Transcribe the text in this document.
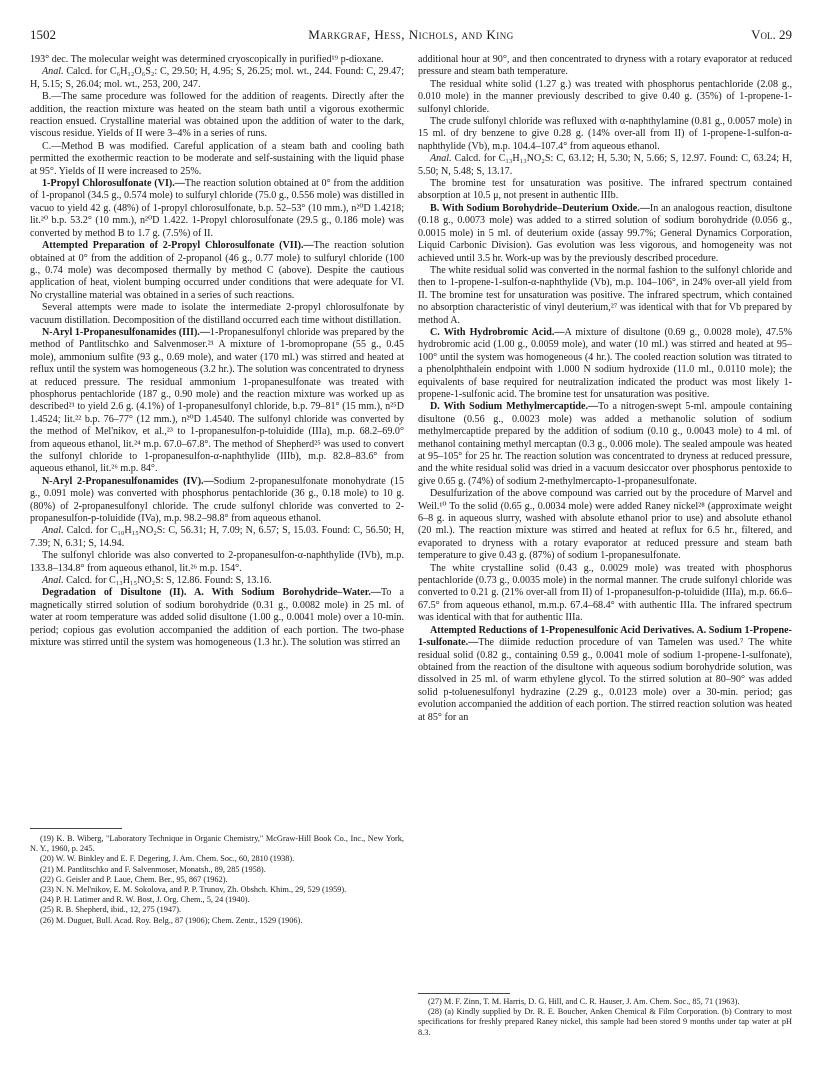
1502	Markgraf, Hess, Nichols, and King	Vol. 29

193° dec. The molecular weight was determined cryoscopically in purified¹⁹ p-dioxane.

Anal. Calcd. for C₆H₁₂O₆S₂: C, 29.50; H, 4.95; S, 26.25; mol. wt., 244. Found: C, 29.47; H, 5.15; S, 26.04; mol. wt., 253, 200, 247.

B.—The same procedure was followed for the addition of reagents. Directly after the addition, the reaction mixture was heated on the steam bath until a vigorous exothermic reaction ensued. Crystalline material was obtained upon the addition of water to the dark, viscous residue. Yields of II were 3–4% in a series of runs.

C.—Method B was modified. Careful application of a steam bath and cooling bath permitted the exothermic reaction to be moderate and self-sustaining with the liquid phase at 95°. Yields of II were increased to 25%.

1-Propyl Chlorosulfonate (VI).—The reaction solution obtained at 0° from the addition of 1-propanol (34.5 g., 0.574 mole) to sulfuryl chloride (75.0 g., 0.556 mole) was distilled in vacuo to yield 42 g. (48%) of 1-propyl chlorosulfonate, b.p. 52–53° (10 mm.), n²⁰D 1.4218; lit.²⁰ b.p. 53.2° (10 mm.), n²⁰D 1.422. 1-Propyl chlorosulfonate (29.5 g., 0.186 mole) was converted by method B to 1.7 g. (7.5%) of II.

Attempted Preparation of 2-Propyl Chlorosulfonate (VII).—The reaction solution obtained at 0° from the addition of 2-propanol (46 g., 0.77 mole) to sulfuryl chloride (100 g., 0.74 mole) was decomposed thermally by method C (above). Despite the cautious application of heat, violent bumping occurred under conditions that were adequate for VI. No crystalline material was obtained in a series of such reactions.

Several attempts were made to isolate the intermediate 2-propyl chlorosulfonate by vacuum distillation. Decomposition of the distilland occurred each time without distillation.

N-Aryl 1-Propanesulfonamides (III).—1-Propanesulfonyl chloride was prepared by the method of Pantlitschko and Salvenmoser.²¹ A mixture of 1-bromopropane (55 g., 0.45 mole), ammonium sulfite (93 g., 0.69 mole), and water (170 ml.) was stirred and heated at reflux until the system was homogeneous (3.2 hr.). The solution was concentrated to dryness at reduced pressure. The residual ammonium 1-propanesulfonate was treated with phosphorus pentachloride (187 g., 0.90 mole) and the reaction mixture was worked up as described²¹ to yield 2.6 g. (4.1%) of 1-propanesulfonyl chloride, b.p. 79–81° (15 mm.), n²⁵D 1.4524; lit.²² b.p. 76–77° (12 mm.), n²⁰D 1.4540. The sulfonyl chloride was converted by the method of Mel'nikov, et al.,²³ to 1-propanesulfon-p-toluidide (IIIa), m.p. 68.2–69.0° from aqueous ethanol, lit.²⁴ m.p. 67.0–67.8°. The method of Shepherd²⁵ was used to convert the sulfonyl chloride to 1-propanesulfon-α-naphthylide (IIIb), m.p. 82.8–83.6° from aqueous ethanol, lit.²⁶ m.p. 84°.

N-Aryl 2-Propanesulfonamides (IV).—Sodium 2-propanesulfonate monohydrate (15 g., 0.091 mole) was converted with phosphorus pentachloride (36 g., 0.18 mole) to 10 g. (80%) of 2-propanesulfonyl chloride. The crude sulfonyl chloride was converted to 2-propanesulfon-p-toluidide (IVa), m.p. 98.2–98.8° from aqueous ethanol.

Anal. Calcd. for C₁₀H₁₅NO₂S: C, 56.31; H, 7.09; N, 6.57; S, 15.03. Found: C, 56.50; H, 7.39; N, 6.31; S, 14.94.

The sulfonyl chloride was also converted to 2-propanesulfon-α-naphthylide (IVb), m.p. 133.8–134.8° from aqueous ethanol, lit.²⁶ m.p. 154°.

Anal. Calcd. for C₁₃H₁₅NO₂S: S, 12.86. Found: S, 13.16.

Degradation of Disultone (II). A. With Sodium Borohydride–Water.—To a magnetically stirred solution of sodium borohydride (0.31 g., 0.0082 mole) in 25 ml. of water at room temperature was added solid disultone (1.00 g., 0.0041 mole) over a 10-min. period; copious gas evolution accompanied the addition of each portion. The two-phase mixture was stirred until the system was homogeneous (1.3 hr.). The solution was stirred an

(19) K. B. Wiberg, "Laboratory Technique in Organic Chemistry," McGraw-Hill Book Co., Inc., New York, N. Y., 1960, p. 245.

(20) W. W. Binkley and E. F. Degering, J. Am. Chem. Soc., 60, 2810 (1938).

(21) M. Pantlitschko and F. Salvenmoser, Monatsh., 89, 285 (1958).

(22) G. Geisler and P. Laue, Chem. Ber., 95, 867 (1962).

(23) N. N. Mel'nikov, E. M. Sokolova, and P. P. Trunov, Zh. Obshch. Khim., 29, 529 (1959).

(24) P. H. Latimer and R. W. Bost, J. Org. Chem., 5, 24 (1940).

(25) R. B. Shepherd, ibid., 12, 275 (1947).

(26) M. Duguet, Bull. Acad. Roy. Belg., 87 (1906); Chem. Zentr., 1529 (1906).

additional hour at 90°, and then concentrated to dryness with a rotary evaporator at reduced pressure and steam bath temperature.

The residual white solid (1.27 g.) was treated with phosphorus pentachloride (2.08 g., 0.010 mole) in the manner previously described to give 0.40 g. (35%) of 1-propene-1-sulfonyl chloride.

The crude sulfonyl chloride was refluxed with α-naphthylamine (0.81 g., 0.0057 mole) in 15 ml. of dry benzene to give 0.28 g. (14% over-all from II) of 1-propene-1-sulfon-α-naphthylide (Vb), m.p. 104.4–107.4° from aqueous ethanol.

Anal. Calcd. for C₁₃H₁₃NO₂S: C, 63.12; H, 5.30; N, 5.66; S, 12.97. Found: C, 63.24; H, 5.50; N, 5.48; S, 13.17.

The bromine test for unsaturation was positive. The infrared spectrum contained absorption at 10.5 μ, not present in authentic IIIb.

B. With Sodium Borohydride–Deuterium Oxide.—In an analogous reaction, disultone (0.18 g., 0.0073 mole) was added to a stirred solution of sodium borohydride (0.056 g., 0.0015 mole) in 5 ml. of deuterium oxide (assay 99.7%; General Dynamics Corporation, Liquid Carbonic Division). Gas evolution was less vigorous, and homogeneity was not achieved until 3.5 hr. Work-up was by the previously described procedure.

The white residual solid was converted in the normal fashion to the sulfonyl chloride and then to 1-propene-1-sulfon-α-naphthylide (Vb), m.p. 104–106°, in 24% over-all yield from II. The bromine test for unsaturation was positive. The infrared spectrum, which contained no absorption characteristic of vinyl deuterium,²⁷ was identical with that for Vb prepared by method A.

C. With Hydrobromic Acid.—A mixture of disultone (0.69 g., 0.0028 mole), 47.5% hydrobromic acid (1.00 g., 0.0059 mole), and water (10 ml.) was stirred and heated at 95–100° until the system was homogeneous (4 hr.). The cooled reaction solution was titrated to a phenolphthalein endpoint with 1.000 N sodium hydroxide (11.0 ml., 0.0110 mole); the equivalents of base required for neutralization indicated the product was most likely 1-propene-1-sulfonic acid. The bromine test for unsaturation was positive.

D. With Sodium Methylmercaptide.—To a nitrogen-swept 5-ml. ampoule containing disultone (0.56 g., 0.0023 mole) was added a methanolic solution of sodium methylmercaptide prepared by the addition of sodium (0.10 g., 0.0043 mole) to 4 ml. of methanol containing methyl mercaptan (0.3 g., 0.006 mole). The sealed ampoule was heated at 95–105° for 25 hr. The reaction solution was concentrated to dryness at reduced pressure, and the white residual solid was dried in a vacuum desiccator over phosphorus pentoxide to give 0.65 g. (74%) of sodium 2-methylmercapto-1-propanesulfonate.

Desulfurization of the above compound was carried out by the procedure of Marvel and Weil.¹⁰ To the solid (0.65 g., 0.0034 mole) were added Raney nickel²⁸ (approximate weight 6–8 g. in aqueous slurry, washed with absolute ethanol prior to use) and absolute ethanol (20 ml.). The reaction mixture was stirred and heated at reflux for 6.5 hr., filtered, and evaporated to dryness with a rotary evaporator at reduced pressure and steam bath temperature to give 0.43 g. (87%) of sodium 1-propanesulfonate.

The white crystalline solid (0.43 g., 0.0029 mole) was treated with phosphorus pentachloride (0.73 g., 0.0035 mole) in the normal manner. The crude sulfonyl chloride was converted to 0.21 g. (21% over-all from II) of 1-propanesulfon-p-toluidide (IIIa), m.p. 66.6–67.5° from aqueous ethanol, m.m.p. 67.4–68.4° with authentic IIIa. The infrared spectrum was identical with that for authentic IIIa.

Attempted Reductions of 1-Propenesulfonic Acid Derivatives. A. Sodium 1-Propene-1-sulfonate.—The diimide reduction procedure of van Tamelen was used.⁷ The white residual solid (0.82 g., containing 0.59 g., 0.0041 mole of sodium 1-propene-1-sulfonate), obtained from the reaction of the disultone with aqueous sodium borohydride solution, was dissolved in 25 ml. of warm ethylene glycol. To the stirred solution at 80–90° was added solid p-toluenesulfonyl hydrazine (2.29 g., 0.0123 mole) over a 30-min. period; gas evolution accompanied the addition of each portion. The stirred reaction solution was heated at 85° for an

(27) M. F. Zinn, T. M. Harris, D. G. Hill, and C. R. Hauser, J. Am. Chem. Soc., 85, 71 (1963).

(28) (a) Kindly supplied by Dr. R. E. Boucher, Anken Chemical & Film Corporation. (b) Contrary to most specifications for freshly prepared Raney nickel, this sample had been stored 9 months under tap water at pH 8.3.
